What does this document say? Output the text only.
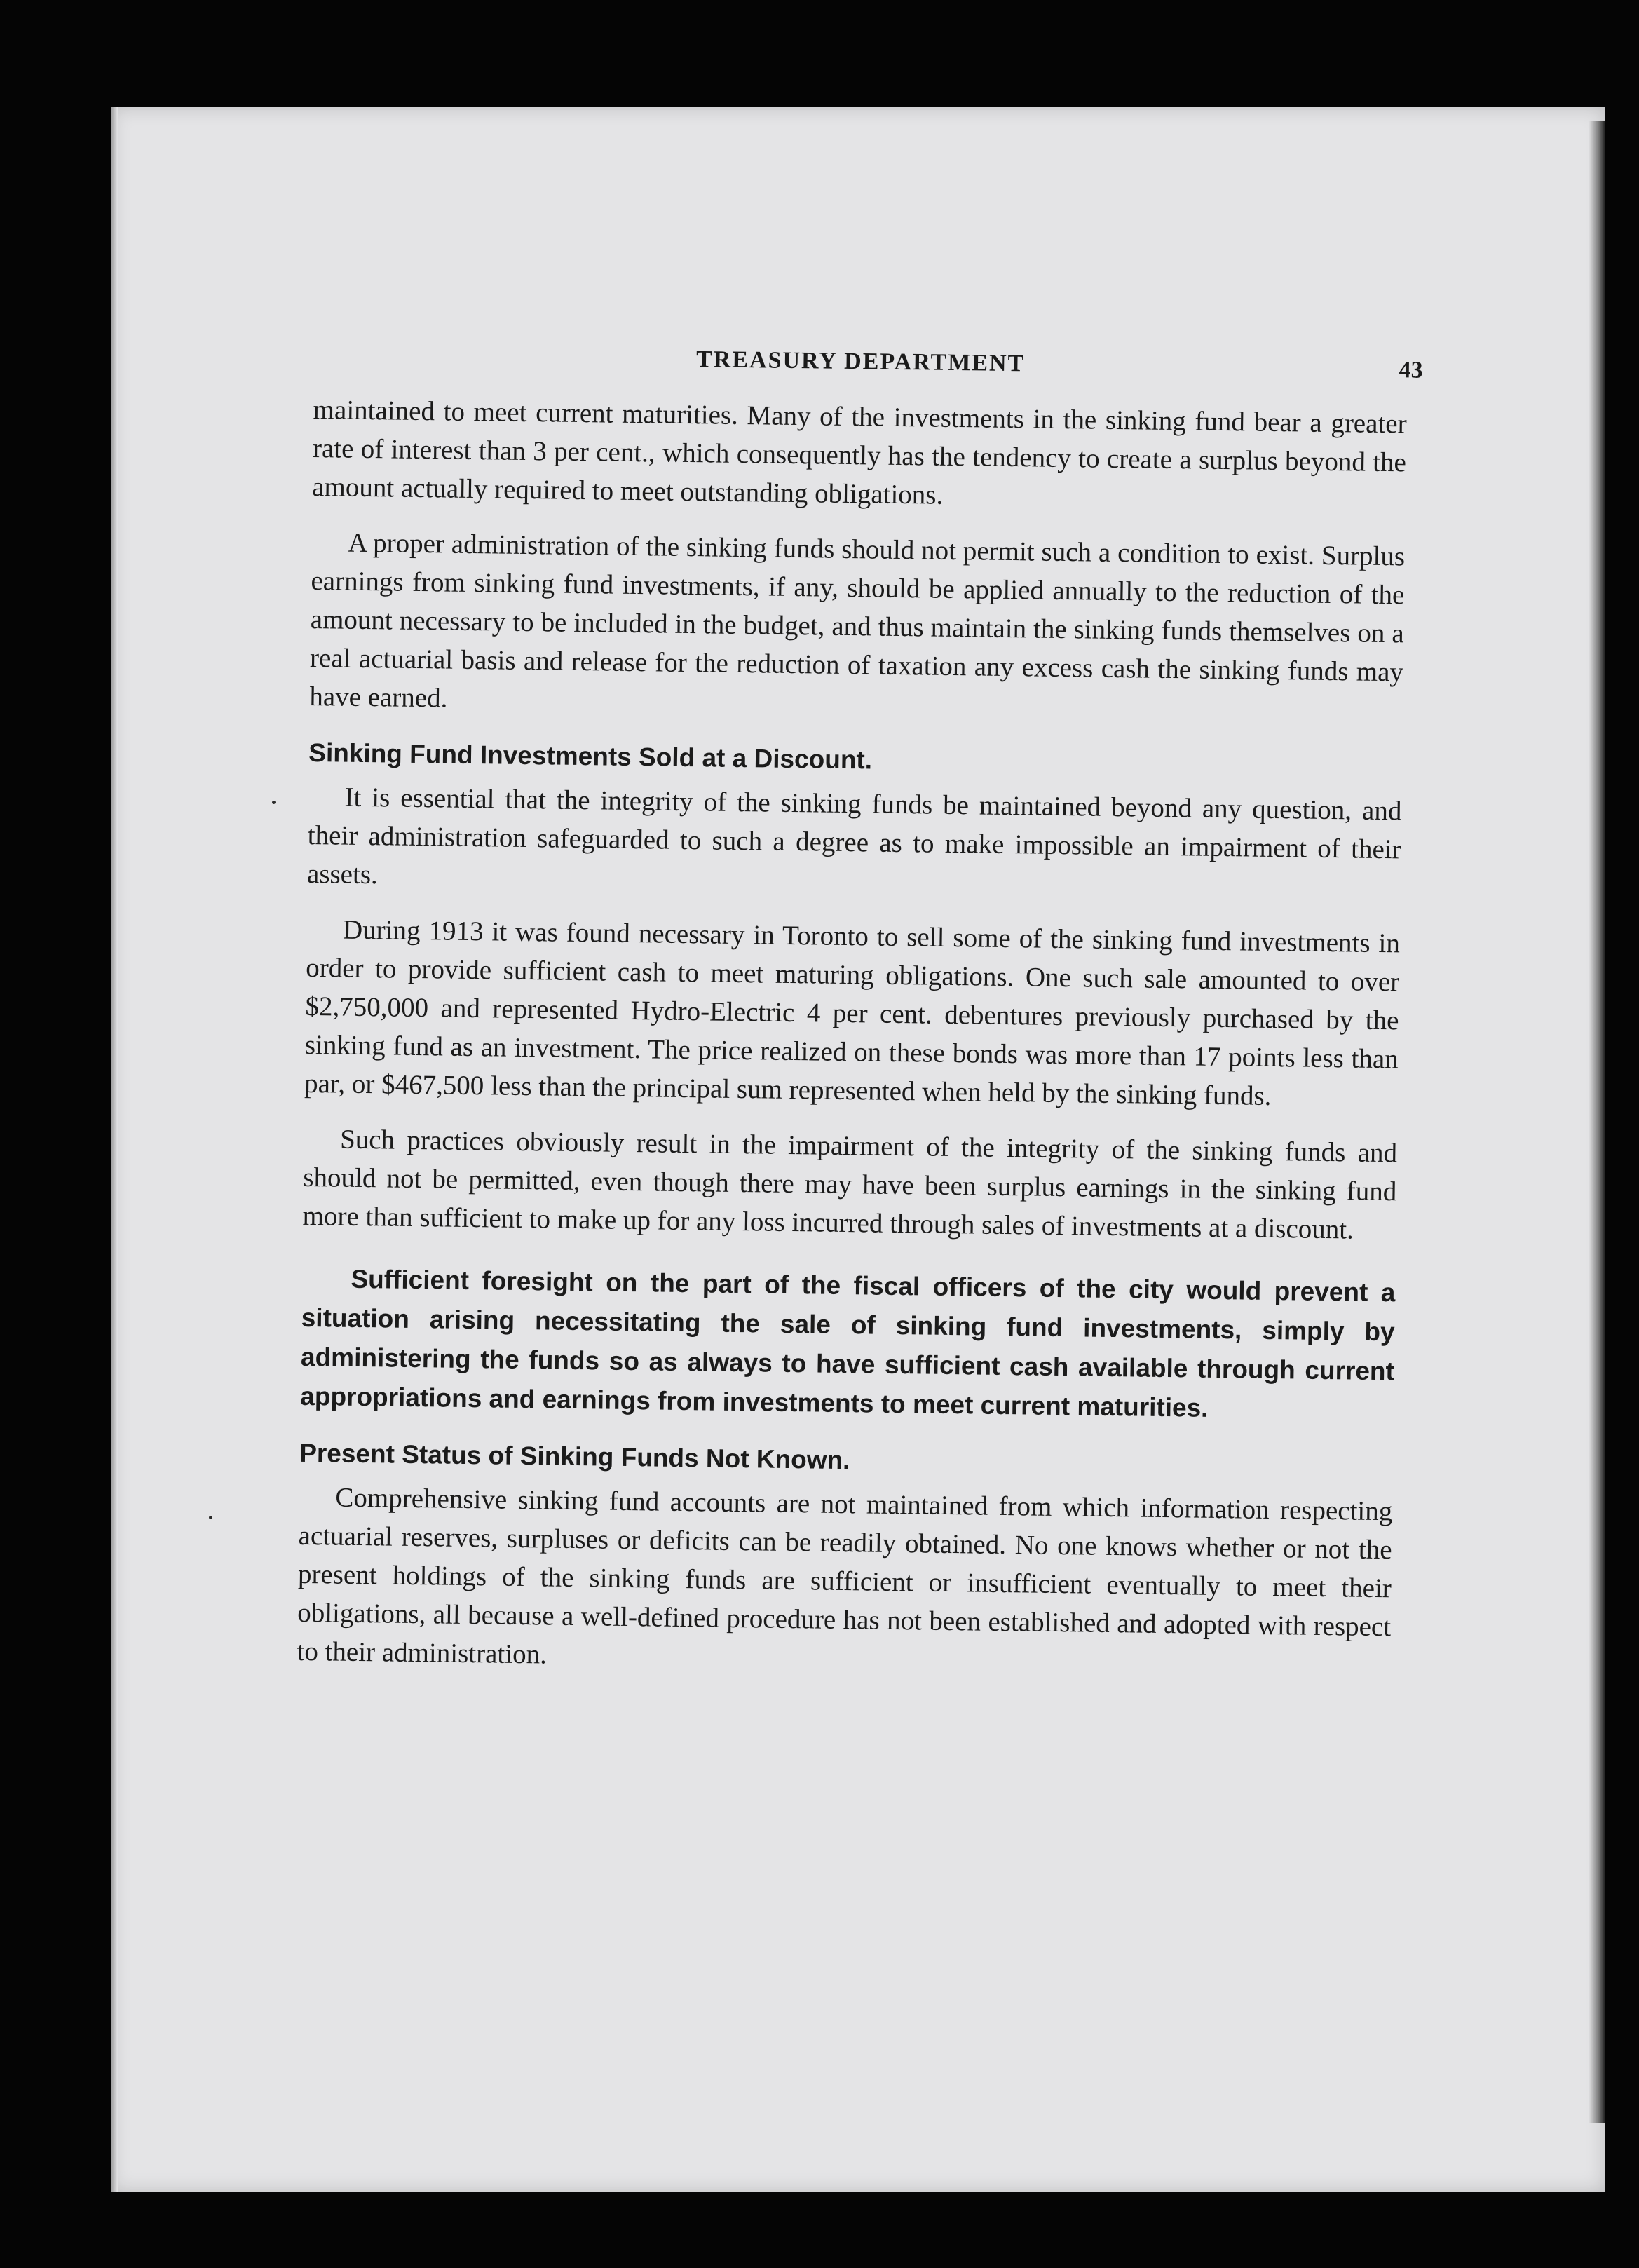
TREASURY DEPARTMENT	43

maintained to meet current maturities. Many of the investments in the sinking fund bear a greater rate of interest than 3 per cent., which consequently has the tendency to create a surplus beyond the amount actually required to meet outstanding obligations.

A proper administration of the sinking funds should not permit such a condition to exist. Surplus earnings from sinking fund investments, if any, should be applied annually to the reduction of the amount necessary to be included in the budget, and thus maintain the sinking funds themselves on a real actuarial basis and release for the reduction of taxation any excess cash the sinking funds may have earned.

Sinking Fund Investments Sold at a Discount.

It is essential that the integrity of the sinking funds be maintained beyond any question, and their administration safeguarded to such a degree as to make impossible an impairment of their assets.

During 1913 it was found necessary in Toronto to sell some of the sinking fund investments in order to provide sufficient cash to meet maturing obligations. One such sale amounted to over $2,750,000 and represented Hydro-Electric 4 per cent. debentures previously purchased by the sinking fund as an investment. The price realized on these bonds was more than 17 points less than par, or $467,500 less than the principal sum represented when held by the sinking funds.

Such practices obviously result in the impairment of the integrity of the sinking funds and should not be permitted, even though there may have been surplus earnings in the sinking fund more than sufficient to make up for any loss incurred through sales of investments at a discount.

Sufficient foresight on the part of the fiscal officers of the city would prevent a situation arising necessitating the sale of sinking fund investments, simply by administering the funds so as always to have sufficient cash available through current appropriations and earnings from investments to meet current maturities.

Present Status of Sinking Funds Not Known.

Comprehensive sinking fund accounts are not maintained from which information respecting actuarial reserves, surpluses or deficits can be readily obtained. No one knows whether or not the present holdings of the sinking funds are sufficient or insufficient eventually to meet their obligations, all because a well-defined procedure has not been established and adopted with respect to their administration.
